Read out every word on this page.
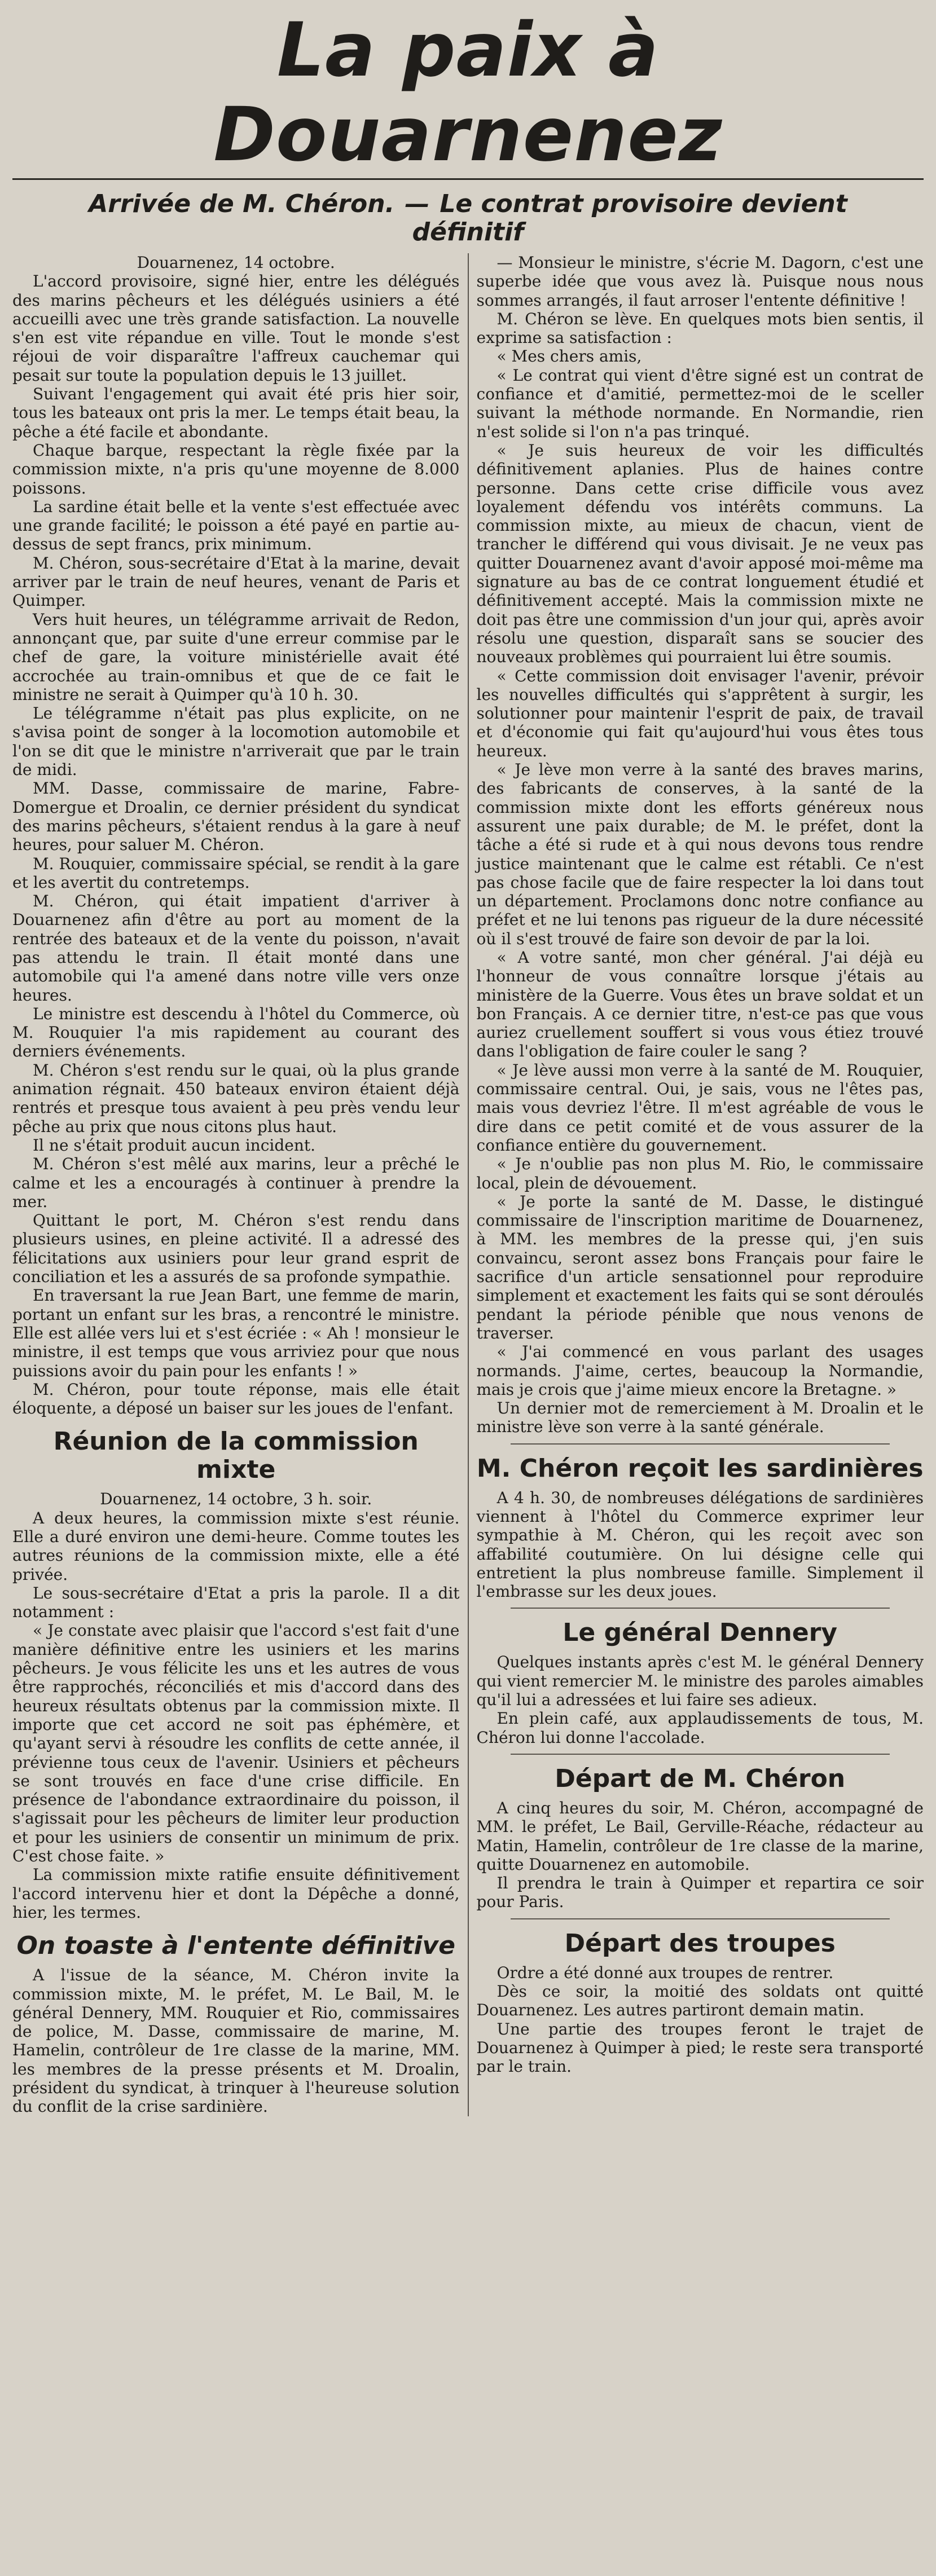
La paix à Douarnenez
Arrivée de M. Chéron. — Le contrat provisoire devient définitif

Douarnenez, 14 octobre.

L'accord provisoire, signé hier, entre les délégués des marins pêcheurs et les délégués usiniers a été accueilli avec une très grande satisfaction. La nouvelle s'en est vite répandue en ville. Tout le monde s'est réjoui de voir disparaître l'affreux cauchemar qui pesait sur toute la population depuis le 13 juillet.

Suivant l'engagement qui avait été pris hier soir, tous les bateaux ont pris la mer. Le temps était beau, la pêche a été facile et abondante.

Chaque barque, respectant la règle fixée par la commission mixte, n'a pris qu'une moyenne de 8.000 poissons.

La sardine était belle et la vente s'est effectuée avec une grande facilité; le poisson a été payé en partie au-dessus de sept francs, prix minimum.

M. Chéron, sous-secrétaire d'Etat à la marine, devait arriver par le train de neuf heures, venant de Paris et Quimper.

Vers huit heures, un télégramme arrivait de Redon, annonçant que, par suite d'une erreur commise par le chef de gare, la voiture ministérielle avait été accrochée au train-omnibus et que de ce fait le ministre ne serait à Quimper qu'à 10 h. 30.

Le télégramme n'était pas plus explicite, on ne s'avisa point de songer à la locomotion automobile et l'on se dit que le ministre n'arriverait que par le train de midi.

MM. Dasse, commissaire de marine, Fabre-Domergue et Droalin, ce dernier président du syndicat des marins pêcheurs, s'étaient rendus à la gare à neuf heures, pour saluer M. Chéron.

M. Rouquier, commissaire spécial, se rendit à la gare et les avertit du contretemps.

M. Chéron, qui était impatient d'arriver à Douarnenez afin d'être au port au moment de la rentrée des bateaux et de la vente du poisson, n'avait pas attendu le train. Il était monté dans une automobile qui l'a amené dans notre ville vers onze heures.

Le ministre est descendu à l'hôtel du Commerce, où M. Rouquier l'a mis rapidement au courant des derniers événements.

M. Chéron s'est rendu sur le quai, où la plus grande animation régnait. 450 bateaux environ étaient déjà rentrés et presque tous avaient à peu près vendu leur pêche au prix que nous citons plus haut.

Il ne s'était produit aucun incident.

M. Chéron s'est mêlé aux marins, leur a prêché le calme et les a encouragés à continuer à prendre la mer.

Quittant le port, M. Chéron s'est rendu dans plusieurs usines, en pleine activité. Il a adressé des félicitations aux usiniers pour leur grand esprit de conciliation et les a assurés de sa profonde sympathie.

En traversant la rue Jean Bart, une femme de marin, portant un enfant sur les bras, a rencontré le ministre. Elle est allée vers lui et s'est écriée : « Ah ! monsieur le ministre, il est temps que vous arriviez pour que nous puissions avoir du pain pour les enfants ! »

M. Chéron, pour toute réponse, mais elle était éloquente, a déposé un baiser sur les joues de l'enfant.

Réunion de la commission mixte

Douarnenez, 14 octobre, 3 h. soir.

A deux heures, la commission mixte s'est réunie. Elle a duré environ une demi-heure. Comme toutes les autres réunions de la commission mixte, elle a été privée.

Le sous-secrétaire d'Etat a pris la parole. Il a dit notamment :

« Je constate avec plaisir que l'accord s'est fait d'une manière définitive entre les usiniers et les marins pêcheurs. Je vous félicite les uns et les autres de vous être rapprochés, réconciliés et mis d'accord dans des heureux résultats obtenus par la commission mixte. Il importe que cet accord ne soit pas éphémère, et qu'ayant servi à résoudre les conflits de cette année, il prévienne tous ceux de l'avenir. Usiniers et pêcheurs se sont trouvés en face d'une crise difficile. En présence de l'abondance extraordinaire du poisson, il s'agissait pour les pêcheurs de limiter leur production et pour les usiniers de consentir un minimum de prix. C'est chose faite. »

La commission mixte ratifie ensuite définitivement l'accord intervenu hier et dont la Dépêche a donné, hier, les termes.

On toaste à l'entente définitive

A l'issue de la séance, M. Chéron invite la commission mixte, M. le préfet, M. Le Bail, M. le général Dennery, MM. Rouquier et Rio, commissaires de police, M. Dasse, commissaire de marine, M. Hamelin, contrôleur de 1re classe de la marine, MM. les membres de la presse présents et M. Droalin, président du syndicat, à trinquer à l'heureuse solution du conflit de la crise sardinière.

— Monsieur le ministre, s'écrie M. Dagorn, c'est une superbe idée que vous avez là. Puisque nous nous sommes arrangés, il faut arroser l'entente définitive !

M. Chéron se lève. En quelques mots bien sentis, il exprime sa satisfaction :

« Mes chers amis,

« Le contrat qui vient d'être signé est un contrat de confiance et d'amitié, permettez-moi de le sceller suivant la méthode normande. En Normandie, rien n'est solide si l'on n'a pas trinqué.

« Je suis heureux de voir les difficultés définitivement aplanies. Plus de haines contre personne. Dans cette crise difficile vous avez loyalement défendu vos intérêts communs. La commission mixte, au mieux de chacun, vient de trancher le différend qui vous divisait. Je ne veux pas quitter Douarnenez avant d'avoir apposé moi-même ma signature au bas de ce contrat longuement étudié et définitivement accepté. Mais la commission mixte ne doit pas être une commission d'un jour qui, après avoir résolu une question, disparaît sans se soucier des nouveaux problèmes qui pourraient lui être soumis.

« Cette commission doit envisager l'avenir, prévoir les nouvelles difficultés qui s'apprêtent à surgir, les solutionner pour maintenir l'esprit de paix, de travail et d'économie qui fait qu'aujourd'hui vous êtes tous heureux.

« Je lève mon verre à la santé des braves marins, des fabricants de conserves, à la santé de la commission mixte dont les efforts généreux nous assurent une paix durable; de M. le préfet, dont la tâche a été si rude et à qui nous devons tous rendre justice maintenant que le calme est rétabli. Ce n'est pas chose facile que de faire respecter la loi dans tout un département. Proclamons donc notre confiance au préfet et ne lui tenons pas rigueur de la dure nécessité où il s'est trouvé de faire son devoir de par la loi.

« A votre santé, mon cher général. J'ai déjà eu l'honneur de vous connaître lorsque j'étais au ministère de la Guerre. Vous êtes un brave soldat et un bon Français. A ce dernier titre, n'est-ce pas que vous auriez cruellement souffert si vous vous étiez trouvé dans l'obligation de faire couler le sang ?

« Je lève aussi mon verre à la santé de M. Rouquier, commissaire central. Oui, je sais, vous ne l'êtes pas, mais vous devriez l'être. Il m'est agréable de vous le dire dans ce petit comité et de vous assurer de la confiance entière du gouvernement.

« Je n'oublie pas non plus M. Rio, le commissaire local, plein de dévouement.

« Je porte la santé de M. Dasse, le distingué commissaire de l'inscription maritime de Douarnenez, à MM. les membres de la presse qui, j'en suis convaincu, seront assez bons Français pour faire le sacrifice d'un article sensationnel pour reproduire simplement et exactement les faits qui se sont déroulés pendant la période pénible que nous venons de traverser.

« J'ai commencé en vous parlant des usages normands. J'aime, certes, beaucoup la Normandie, mais je crois que j'aime mieux encore la Bretagne. »

Un dernier mot de remerciement à M. Droalin et le ministre lève son verre à la santé générale.

M. Chéron reçoit les sardinières

A 4 h. 30, de nombreuses délégations de sardinières viennent à l'hôtel du Commerce exprimer leur sympathie à M. Chéron, qui les reçoit avec son affabilité coutumière. On lui désigne celle qui entretient la plus nombreuse famille. Simplement il l'embrasse sur les deux joues.

Le général Dennery

Quelques instants après c'est M. le général Dennery qui vient remercier M. le ministre des paroles aimables qu'il lui a adressées et lui faire ses adieux.

En plein café, aux applaudissements de tous, M. Chéron lui donne l'accolade.

Départ de M. Chéron

A cinq heures du soir, M. Chéron, accompagné de MM. le préfet, Le Bail, Gerville-Réache, rédacteur au Matin, Hamelin, contrôleur de 1re classe de la marine, quitte Douarnenez en automobile.

Il prendra le train à Quimper et repartira ce soir pour Paris.

Départ des troupes

Ordre a été donné aux troupes de rentrer.

Dès ce soir, la moitié des soldats ont quitté Douarnenez. Les autres partiront demain matin.

Une partie des troupes feront le trajet de Douarnenez à Quimper à pied; le reste sera transporté par le train.
